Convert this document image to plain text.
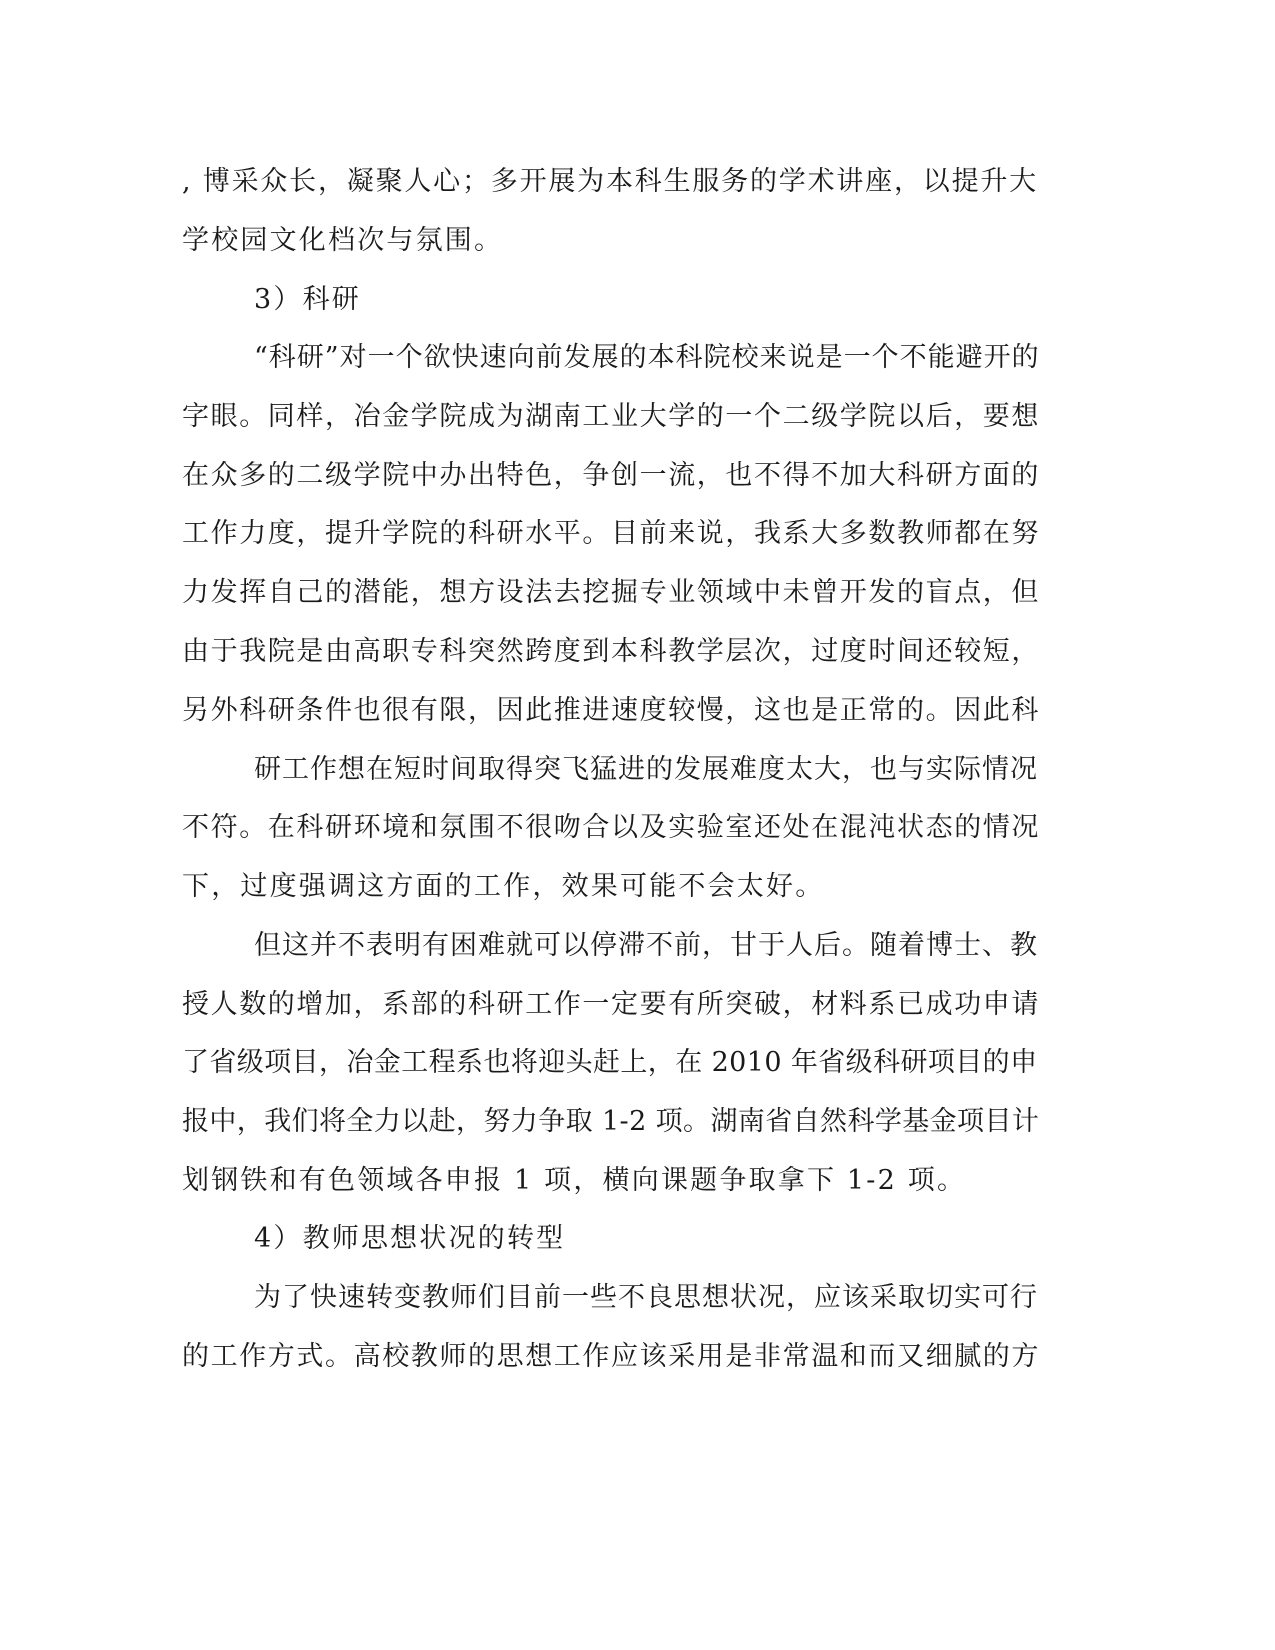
, 博采众长，凝聚人心；多开展为本科生服务的学术讲座，以提升大
学校园文化档次与氛围。
3）科研
“科研”对一个欲快速向前发展的本科院校来说是一个不能避开的
字眼。同样，冶金学院成为湖南工业大学的一个二级学院以后，要想
在众多的二级学院中办出特色，争创一流，也不得不加大科研方面的
工作力度，提升学院的科研水平。目前来说，我系大多数教师都在努
力发挥自己的潜能，想方设法去挖掘专业领域中未曾开发的盲点，但
由于我院是由高职专科突然跨度到本科教学层次，过度时间还较短，
另外科研条件也很有限，因此推进速度较慢，这也是正常的。因此科
研工作想在短时间取得突飞猛进的发展难度太大，也与实际情况
不符。在科研环境和氛围不很吻合以及实验室还处在混沌状态的情况
下，过度强调这方面的工作，效果可能不会太好。
但这并不表明有困难就可以停滞不前，甘于人后。随着博士、教
授人数的增加，系部的科研工作一定要有所突破，材料系已成功申请
了省级项目，冶金工程系也将迎头赶上，在 2010 年省级科研项目的申
报中，我们将全力以赴，努力争取 1-2 项。湖南省自然科学基金项目计
划钢铁和有色领域各申报 1 项，横向课题争取拿下 1-2 项。
4）教师思想状况的转型
为了快速转变教师们目前一些不良思想状况，应该采取切实可行
的工作方式。高校教师的思想工作应该采用是非常温和而又细腻的方
